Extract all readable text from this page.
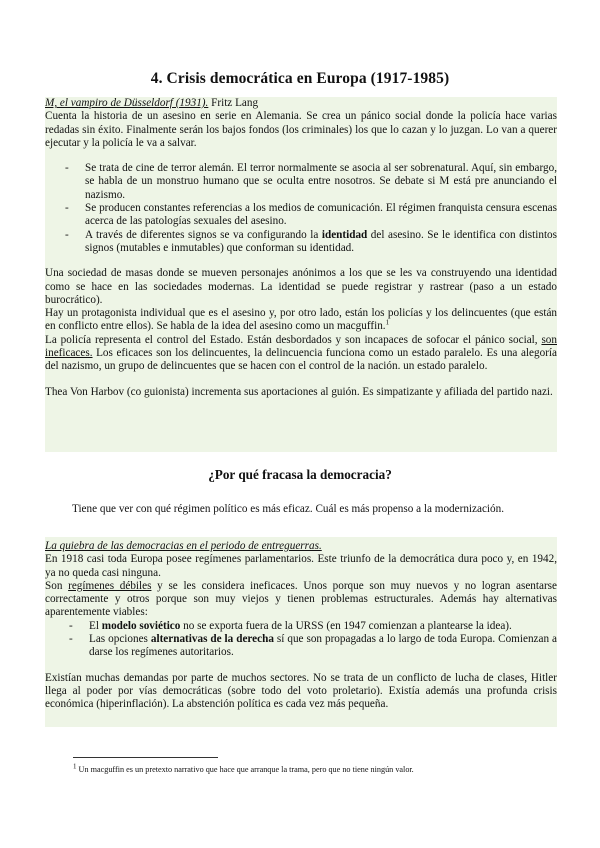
4. Crisis democrática en Europa (1917-1985)

M, el vampiro de Düsseldorf (1931). Fritz Lang

Cuenta la historia de un asesino en serie en Alemania. Se crea un pánico social donde la policía hace varias redadas sin éxito. Finalmente serán los bajos fondos (los criminales) los que lo cazan y lo juzgan. Lo van a querer ejecutar y la policía le va a salvar.

- Se trata de cine de terror alemán. El terror normalmente se asocia al ser sobrenatural. Aquí, sin embargo, se habla de un monstruo humano que se oculta entre nosotros. Se debate si M está pre anunciando el nazismo.
- Se producen constantes referencias a los medios de comunicación. El régimen franquista censura escenas acerca de las patologías sexuales del asesino.
- A través de diferentes signos se va configurando la identidad del asesino. Se le identifica con distintos signos (mutables e inmutables) que conforman su identidad.

Una sociedad de masas donde se mueven personajes anónimos a los que se les va construyendo una identidad como se hace en las sociedades modernas. La identidad se puede registrar y rastrear (paso a un estado burocrático).

Hay un protagonista individual que es el asesino y, por otro lado, están los policías y los delincuentes (que están en conflicto entre ellos). Se habla de la idea del asesino como un macguffin.$^1$

La policía representa el control del Estado. Están desbordados y son incapaces de sofocar el pánico social, son ineficaces. Los eficaces son los delincuentes, la delincuencia funciona como un estado paralelo. Es una alegoría del nazismo, un grupo de delincuentes que se hacen con el control de la nación. un estado paralelo.

Thea Von Harbov (co guionista) incrementa sus aportaciones al guión. Es simpatizante y afiliada del partido nazi.

¿Por qué fracasa la democracia?

Tiene que ver con qué régimen político es más eficaz. Cuál es más propenso a la modernización.

La quiebra de las democracias en el periodo de entreguerras.

En 1918 casi toda Europa posee regímenes parlamentarios. Este triunfo de la democrática dura poco y, en 1942, ya no queda casi ninguna.

Son regímenes débiles y se les considera ineficaces. Unos porque son muy nuevos y no logran asentarse correctamente y otros porque son muy viejos y tienen problemas estructurales. Además hay alternativas aparentemente viables:

- El modelo soviético no se exporta fuera de la URSS (en 1947 comienzan a plantearse la idea).
- Las opciones alternativas de la derecha sí que son propagadas a lo largo de toda Europa. Comienzan a darse los regímenes autoritarios.

Existían muchas demandas por parte de muchos sectores. No se trata de un conflicto de lucha de clases, Hitler llega al poder por vías democráticas (sobre todo del voto proletario). Existía además una profunda crisis económica (hiperinflación). La abstención política es cada vez más pequeña.

$^1$ Un macguffin es un pretexto narrativo que hace que arranque la trama, pero que no tiene ningún valor.
